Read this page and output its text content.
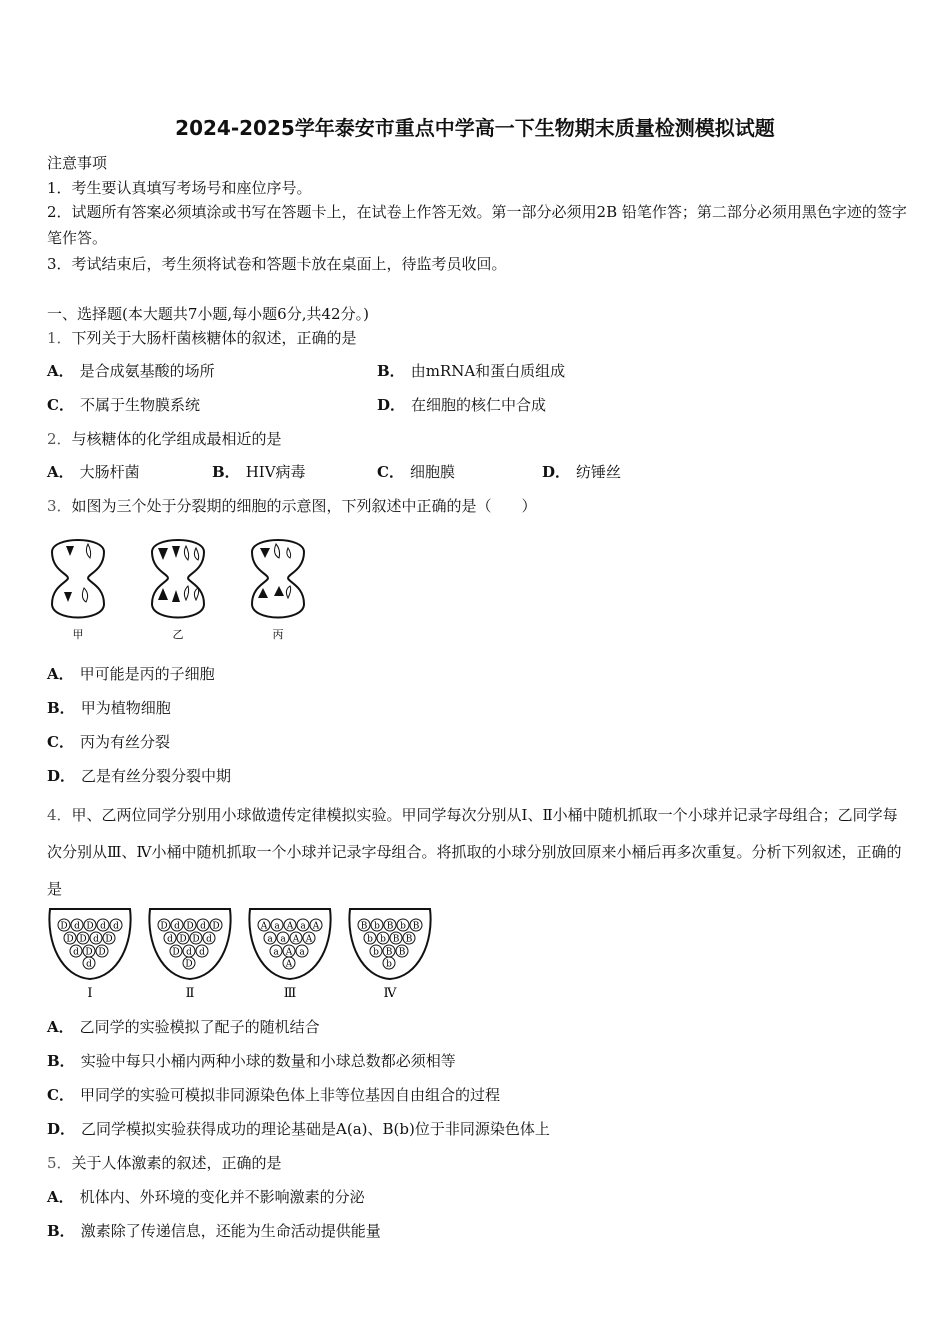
2024-2025学年泰安市重点中学高一下生物期末质量检测模拟试题
注意事项
1．考生要认真填写考场号和座位序号。
2．试题所有答案必须填涂或书写在答题卡上，在试卷上作答无效。第一部分必须用2B 铅笔作答；第二部分必须用黑色字迹的签字笔作答。
3．考试结束后，考生须将试卷和答题卡放在桌面上，待监考员收回。
一、选择题(本大题共7小题,每小题6分,共42分。)
1．下列关于大肠杆菌核糖体的叙述，正确的是
A． 是合成氨基酸的场所	B． 由mRNA和蛋白质组成
C． 不属于生物膜系统	D． 在细胞的核仁中合成
2．与核糖体的化学组成最相近的是
A． 大肠杆菌	B． HIV病毒	C． 细胞膜	D． 纺锤丝
3．如图为三个处于分裂期的细胞的示意图，下列叙述中正确的是（　　）
甲	乙	丙
A． 甲可能是丙的子细胞
B． 甲为植物细胞
C． 丙为有丝分裂
D． 乙是有丝分裂分裂中期
4．甲、乙两位同学分别用小球做遗传定律模拟实验。甲同学每次分别从Ⅰ、Ⅱ小桶中随机抓取一个小球并记录字母组合；乙同学每次分别从Ⅲ、Ⅳ小桶中随机抓取一个小球并记录字母组合。将抓取的小球分别放回原来小桶后再多次重复。分析下列叙述，正确的是
D d D d d
D D d D
d D D
d
Ⅰ
D d D d D
d D D d
D d d
D
Ⅱ
A a A a A
a a A A
a A a
A
Ⅲ
B b B b B
b b B B
b B B
b
Ⅳ
A． 乙同学的实验模拟了配子的随机结合
B． 实验中每只小桶内两种小球的数量和小球总数都必须相等
C． 甲同学的实验可模拟非同源染色体上非等位基因自由组合的过程
D． 乙同学模拟实验获得成功的理论基础是A(a)、B(b)位于非同源染色体上
5．关于人体激素的叙述，正确的是
A． 机体内、外环境的变化并不影响激素的分泌
B． 激素除了传递信息，还能为生命活动提供能量
